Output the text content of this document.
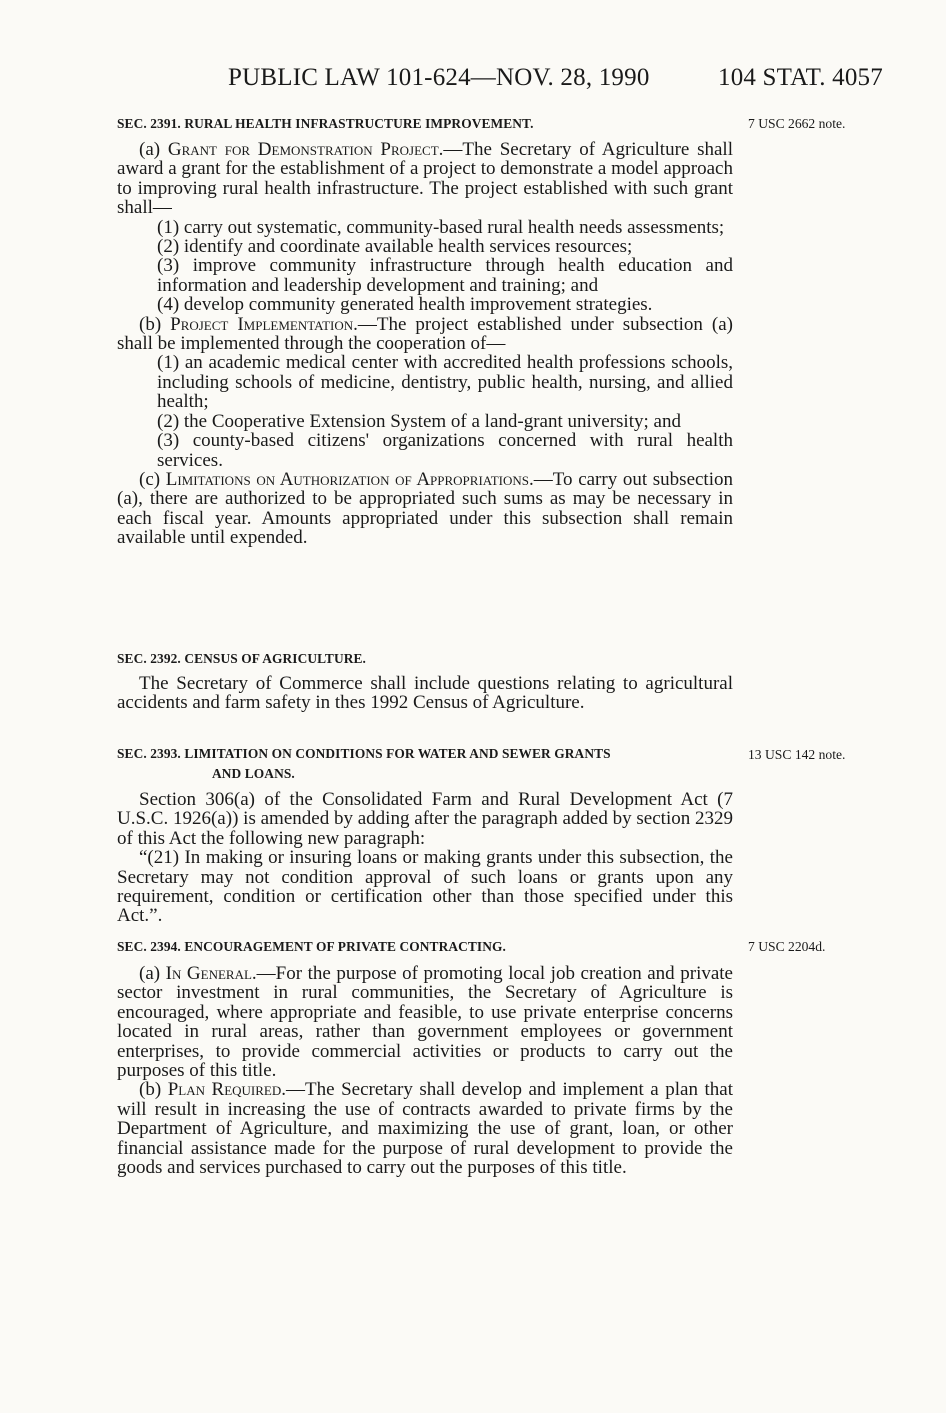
PUBLIC LAW 101-624—NOV. 28, 1990	104 STAT. 4057
SEC. 2391. RURAL HEALTH INFRASTRUCTURE IMPROVEMENT.	7 USC 2662 note.

(a) Grant for Demonstration Project.—The Secretary of Agriculture shall award a grant for the establishment of a project to demonstrate a model approach to improving rural health infrastructure. The project established with such grant shall—

(1) carry out systematic, community-based rural health needs assessments;

(2) identify and coordinate available health services resources;

(3) improve community infrastructure through health education and information and leadership development and training; and

(4) develop community generated health improvement strategies.

(b) Project Implementation.—The project established under subsection (a) shall be implemented through the cooperation of—

(1) an academic medical center with accredited health professions schools, including schools of medicine, dentistry, public health, nursing, and allied health;

(2) the Cooperative Extension System of a land-grant university; and

(3) county-based citizens' organizations concerned with rural health services.

(c) Limitations on Authorization of Appropriations.—To carry out subsection (a), there are authorized to be appropriated such sums as may be necessary in each fiscal year. Amounts appropriated under this subsection shall remain available until expended.

SEC. 2392. CENSUS OF AGRICULTURE.

The Secretary of Commerce shall include questions relating to agricultural accidents and farm safety in thes 1992 Census of Agriculture.

SEC. 2393. LIMITATION ON CONDITIONS FOR WATER AND SEWER GRANTS
AND LOANS.
13 USC 142 note.

Section 306(a) of the Consolidated Farm and Rural Development Act (7 U.S.C. 1926(a)) is amended by adding after the paragraph added by section 2329 of this Act the following new paragraph:

“(21) In making or insuring loans or making grants under this subsection, the Secretary may not condition approval of such loans or grants upon any requirement, condition or certification other than those specified under this Act.”.

SEC. 2394. ENCOURAGEMENT OF PRIVATE CONTRACTING.	7 USC 2204d.

(a) In General.—For the purpose of promoting local job creation and private sector investment in rural communities, the Secretary of Agriculture is encouraged, where appropriate and feasible, to use private enterprise concerns located in rural areas, rather than government employees or government enterprises, to provide commercial activities or products to carry out the purposes of this title.

(b) Plan Required.—The Secretary shall develop and implement a plan that will result in increasing the use of contracts awarded to private firms by the Department of Agriculture, and maximizing the use of grant, loan, or other financial assistance made for the purpose of rural development to provide the goods and services purchased to carry out the purposes of this title.
